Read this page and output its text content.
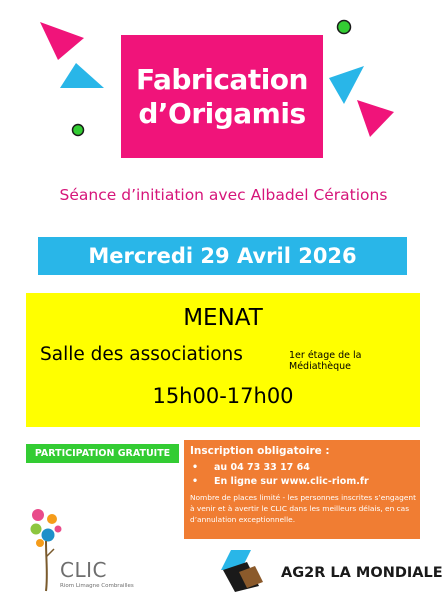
Fabrication
d’Origamis
Séance d’initiation avec Albadel Cérations
Mercredi 29 Avril 2026
MENAT
Salle des associations	1er étage de la Médiathèque
15h00-17h00
PARTICIPATION GRATUITE	Inscription obligatoire :
• au 04 73 33 17 64
• En ligne sur www.clic-riom.fr
Nombre de places limité - les personnes inscrites s’engagent à venir et à avertir le CLIC dans les meilleurs délais, en cas d’annulation exceptionnelle.
CLIC
Riom Limagne Combrailles
AG2R LA MONDIALE
